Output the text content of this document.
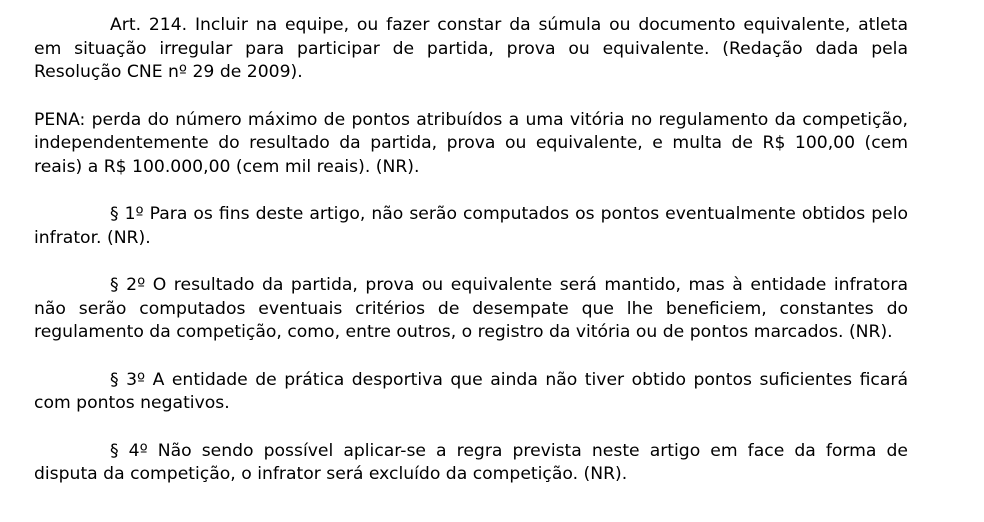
Art. 214. Incluir na equipe, ou fazer constar da súmula ou documento equivalente, atleta em situação irregular para participar de partida, prova ou equivalente. (Redação dada pela Resolução CNE nº 29 de 2009).

PENA: perda do número máximo de pontos atribuídos a uma vitória no regulamento da competição, independentemente do resultado da partida, prova ou equivalente, e multa de R$ 100,00 (cem reais) a R$ 100.000,00 (cem mil reais). (NR).

§ 1º Para os fins deste artigo, não serão computados os pontos eventualmente obtidos pelo infrator. (NR).

§ 2º O resultado da partida, prova ou equivalente será mantido, mas à entidade infratora não serão computados eventuais critérios de desempate que lhe beneficiem, constantes do regulamento da competição, como, entre outros, o registro da vitória ou de pontos marcados. (NR).

§ 3º A entidade de prática desportiva que ainda não tiver obtido pontos suficientes ficará com pontos negativos.

§ 4º Não sendo possível aplicar-se a regra prevista neste artigo em face da forma de disputa da competição, o infrator será excluído da competição. (NR).
